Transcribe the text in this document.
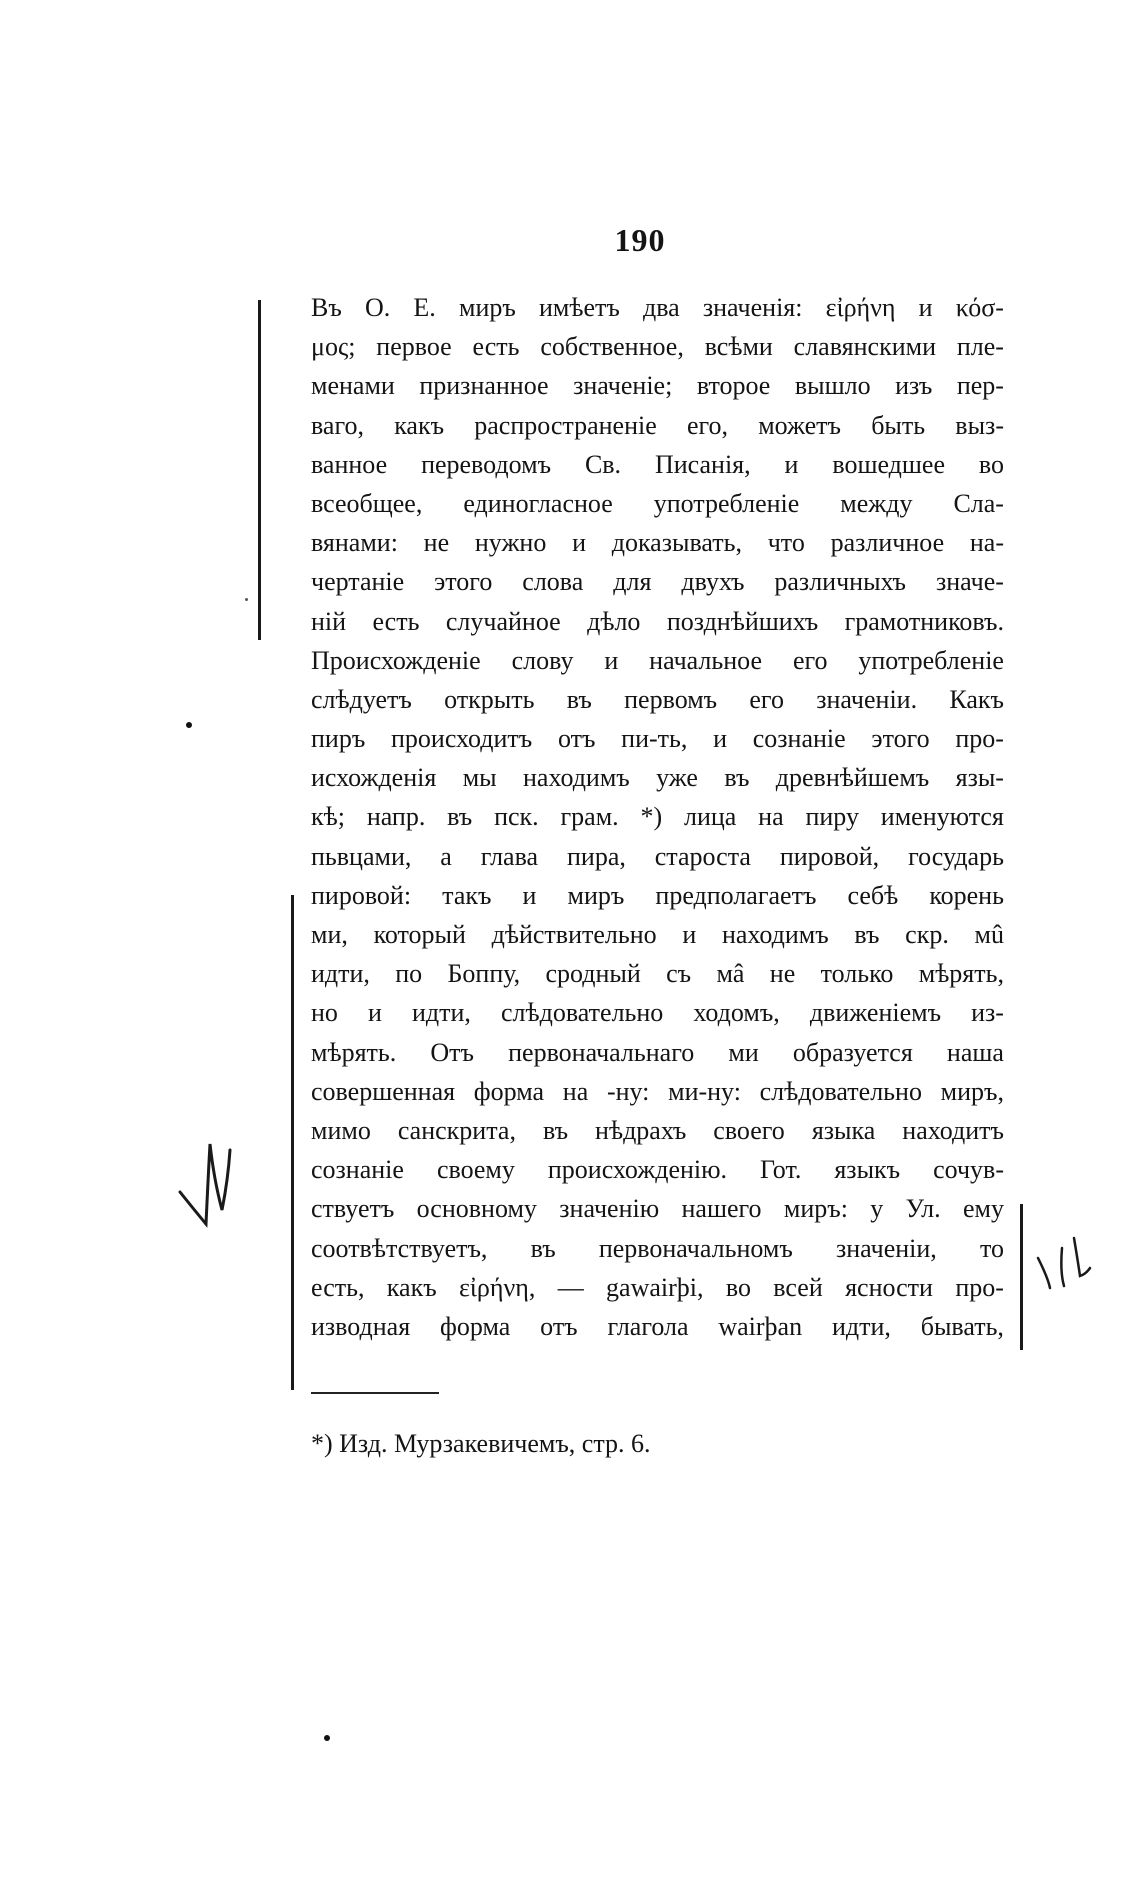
190
Въ О. Е. миръ имѣетъ два значенія: εἰρήνη и κόσ-
μος; первое есть собственное, всѣми славянскими пле-
менами признанное значеніе; второе вышло изъ пер-
ваго, какъ распространеніе его, можетъ быть выз-
ванное переводомъ Св. Писанія, и вошедшее во
всеобщее, единогласное употребленіе между Сла-
вянами: не нужно и доказывать, что различное на-
чертаніе этого слова для двухъ различныхъ значе-
ній есть случайное дѣло позднѣйшихъ грамотниковъ.
Происхожденіе слову и начальное его употребленіе
слѣдуетъ открыть въ первомъ его значеніи. Какъ
пиръ происходитъ отъ пи-ть, и сознаніе этого про-
исхожденія мы находимъ уже въ древнѣйшемъ язы-
кѣ; напр. въ пск. грам. *) лица на пиру именуются
пьвцами, а глава пира, староста пировой, государь
пировой: такъ и миръ предполагаетъ себѣ корень
ми, который дѣйствительно и находимъ въ скр. мû
идти, по Боппу, сродный съ мâ не только мѣрять,
но и идти, слѣдовательно ходомъ, движеніемъ из-
мѣрять. Отъ первоначальнаго ми образуется наша
совершенная форма на -ну: ми-ну: слѣдовательно миръ,
мимо санскрита, въ нѣдрахъ своего языка находитъ
сознаніе своему происхожденію. Гот. языкъ сочув-
ствуетъ основному значенію нашего миръ: у Ул. ему
соотвѣтствуетъ, въ первоначальномъ значеніи, то
есть, какъ εἰρήνη, — gawairþi, во всей ясности про-
изводная форма отъ глагола wairþan идти, бывать,
*) Изд. Мурзакевичемъ, стр. 6.
